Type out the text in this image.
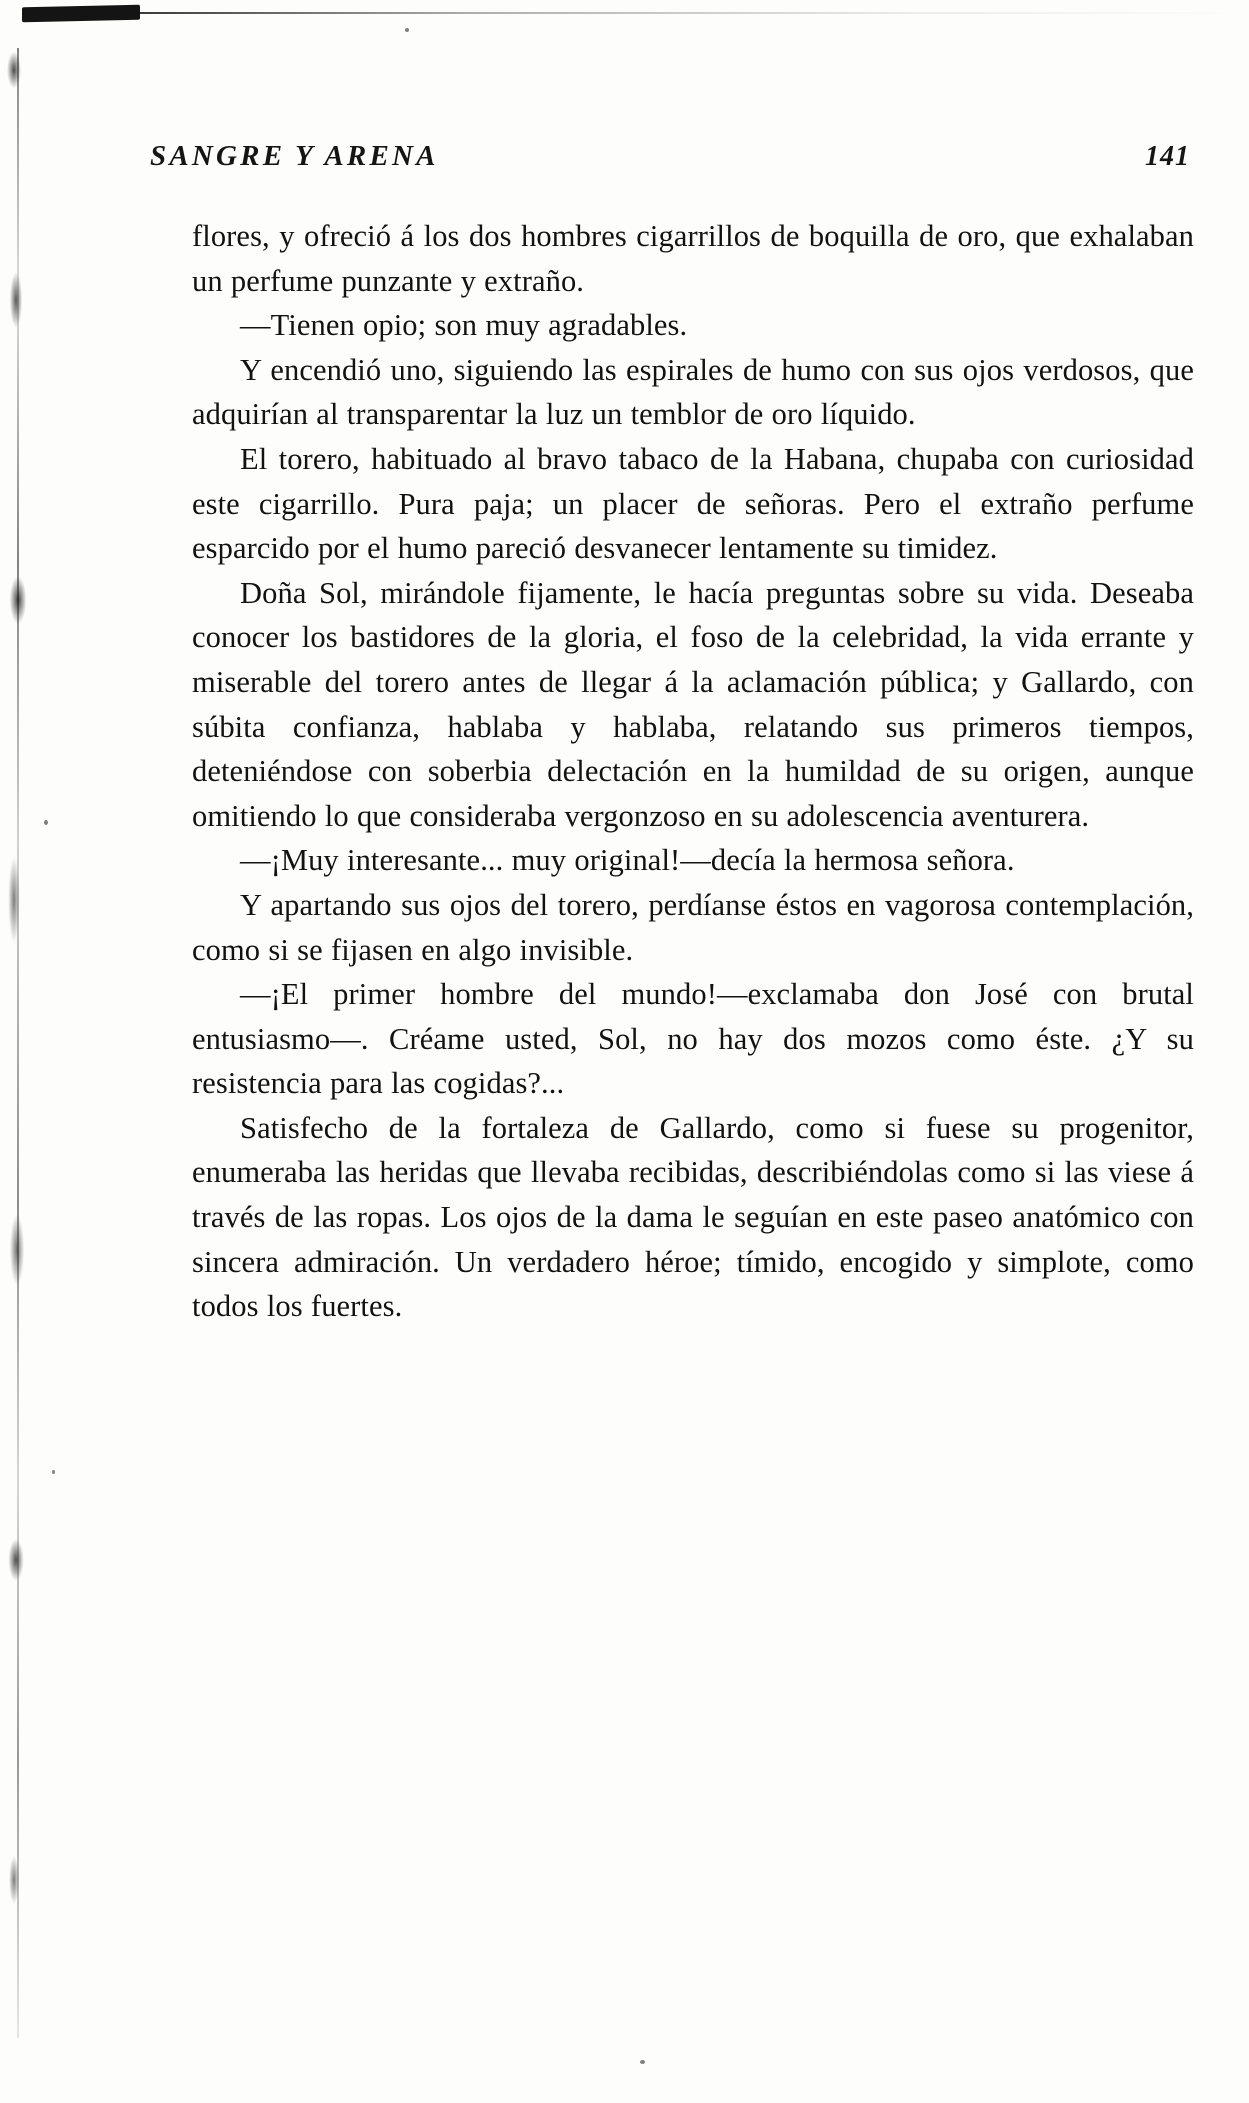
SANGRE Y ARENA	141

flores, y ofreció á los dos hombres cigarrillos de boquilla de oro, que exhalaban un perfume punzante y extraño.

—Tienen opio; son muy agradables.

Y encendió uno, siguiendo las espirales de humo con sus ojos verdosos, que adquirían al transparentar la luz un temblor de oro líquido.

El torero, habituado al bravo tabaco de la Habana, chupaba con curiosidad este cigarrillo. Pura paja; un placer de señoras. Pero el extraño perfume esparcido por el humo pareció desvanecer lentamente su timidez.

Doña Sol, mirándole fijamente, le hacía preguntas sobre su vida. Deseaba conocer los bastidores de la gloria, el foso de la celebridad, la vida errante y miserable del torero antes de llegar á la aclamación pública; y Gallardo, con súbita confianza, hablaba y hablaba, relatando sus primeros tiempos, deteniéndose con soberbia delectación en la humildad de su origen, aunque omitiendo lo que consideraba vergonzoso en su adolescencia aventurera.

—¡Muy interesante... muy original!—decía la hermosa señora.

Y apartando sus ojos del torero, perdíanse éstos en vagorosa contemplación, como si se fijasen en algo invisible.

—¡El primer hombre del mundo!—exclamaba don José con brutal entusiasmo—. Créame usted, Sol, no hay dos mozos como éste. ¿Y su resistencia para las cogidas?...

Satisfecho de la fortaleza de Gallardo, como si fuese su progenitor, enumeraba las heridas que llevaba recibidas, describiéndolas como si las viese á través de las ropas. Los ojos de la dama le seguían en este paseo anatómico con sincera admiración. Un verdadero héroe; tímido, encogido y simplote, como todos los fuertes.
